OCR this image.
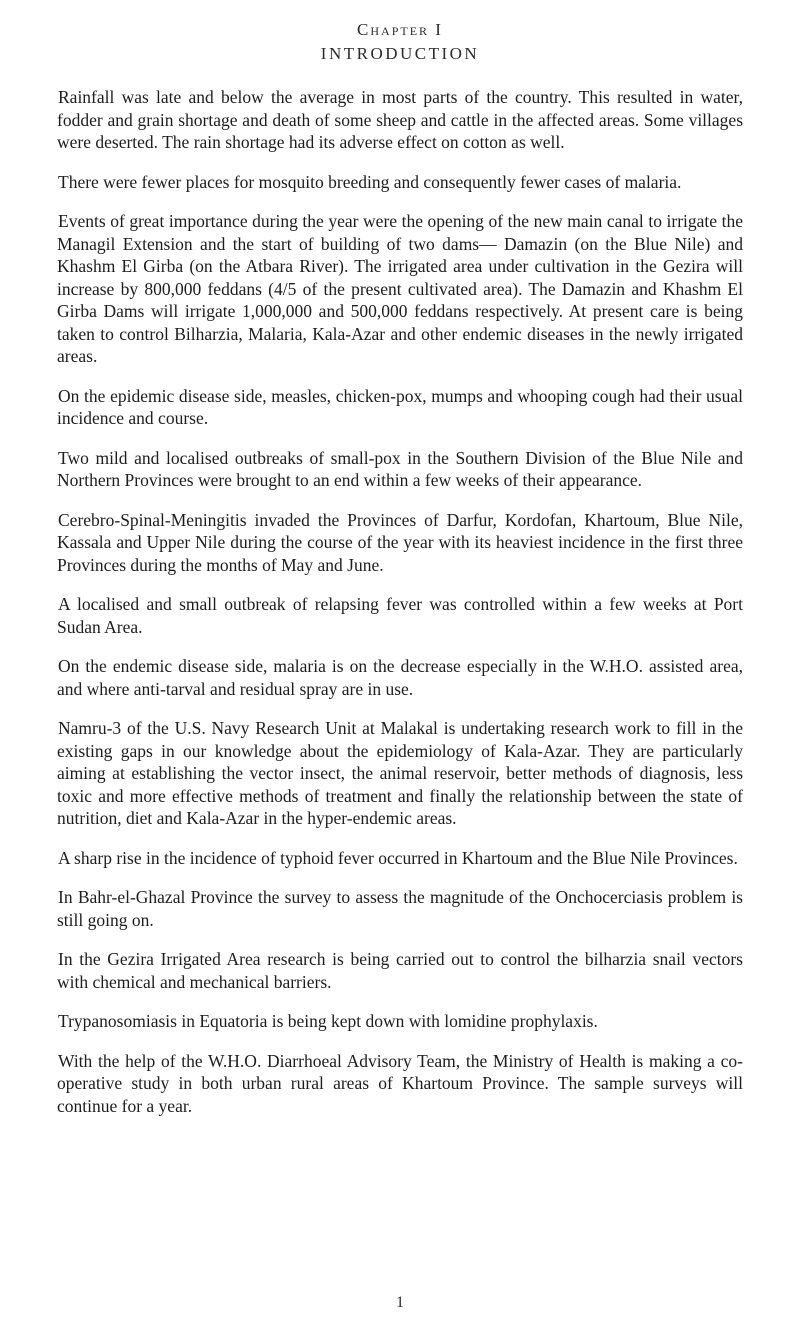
Chapter I
INTRODUCTION

Rainfall was late and below the average in most parts of the country. This resulted in water, fodder and grain shortage and death of some sheep and cattle in the affected areas. Some villages were deserted. The rain shortage had its adverse effect on cotton as well.

There were fewer places for mosquito breeding and consequently fewer cases of malaria.

Events of great importance during the year were the opening of the new main canal to irrigate the Managil Extension and the start of building of two dams— Damazin (on the Blue Nile) and Khashm El Girba (on the Atbara River). The irrigated area under cultivation in the Gezira will increase by 800,000 feddans (4/5 of the present cultivated area). The Damazin and Khashm El Girba Dams will irrigate 1,000,000 and 500,000 feddans respectively. At present care is being taken to control Bilharzia, Malaria, Kala-Azar and other endemic diseases in the newly irrigated areas.

On the epidemic disease side, measles, chicken-pox, mumps and whooping cough had their usual incidence and course.

Two mild and localised outbreaks of small-pox in the Southern Division of the Blue Nile and Northern Provinces were brought to an end within a few weeks of their appearance.

Cerebro-Spinal-Meningitis invaded the Provinces of Darfur, Kordofan, Khartoum, Blue Nile, Kassala and Upper Nile during the course of the year with its heaviest incidence in the first three Provinces during the months of May and June.

A localised and small outbreak of relapsing fever was controlled within a few weeks at Port Sudan Area.

On the endemic disease side, malaria is on the decrease especially in the W.H.O. assisted area, and where anti-tarval and residual spray are in use.

Namru-3 of the U.S. Navy Research Unit at Malakal is undertaking research work to fill in the existing gaps in our knowledge about the epidemiology of Kala-Azar. They are particularly aiming at establishing the vector insect, the animal reservoir, better methods of diagnosis, less toxic and more effective methods of treatment and finally the relationship between the state of nutrition, diet and Kala-Azar in the hyper-endemic areas.

A sharp rise in the incidence of typhoid fever occurred in Khartoum and the Blue Nile Provinces.

In Bahr-el-Ghazal Province the survey to assess the magnitude of the Onchocerciasis problem is still going on.

In the Gezira Irrigated Area research is being carried out to control the bilharzia snail vectors with chemical and mechanical barriers.

Trypanosomiasis in Equatoria is being kept down with lomidine prophylaxis.

With the help of the W.H.O. Diarrhoeal Advisory Team, the Ministry of Health is making a co-operative study in both urban rural areas of Khartoum Province. The sample surveys will continue for a year.

1
